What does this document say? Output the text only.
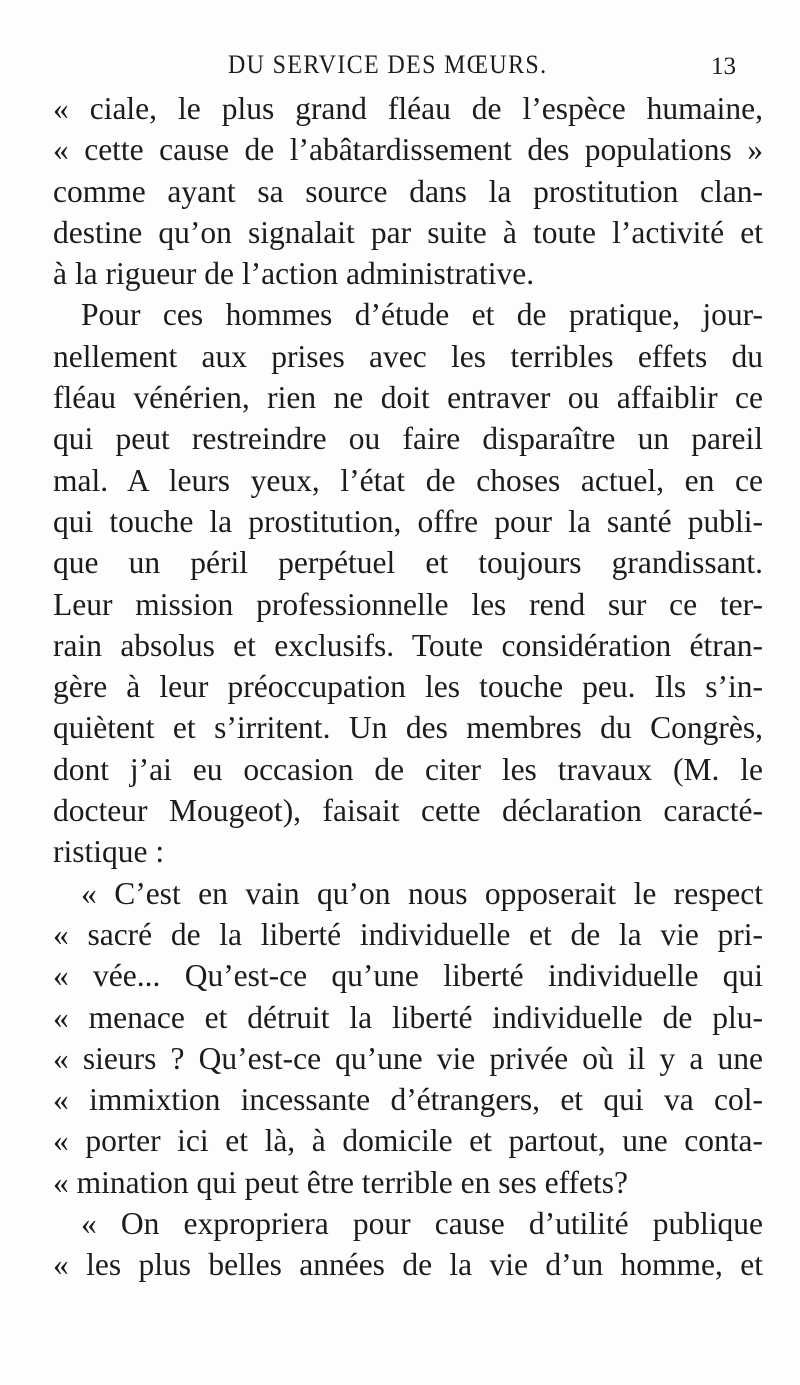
DU SERVICE DES MŒURS.	13
« ciale, le plus grand fléau de l’espèce humaine,
« cette cause de l’abâtardissement des populations »
comme ayant sa source dans la prostitution clan-
destine qu’on signalait par suite à toute l’activité et
à la rigueur de l’action administrative.
Pour ces hommes d’étude et de pratique, jour-
nellement aux prises avec les terribles effets du
fléau vénérien, rien ne doit entraver ou affaiblir ce
qui peut restreindre ou faire disparaître un pareil
mal. A leurs yeux, l’état de choses actuel, en ce
qui touche la prostitution, offre pour la santé publi-
que un péril perpétuel et toujours grandissant.
Leur mission professionnelle les rend sur ce ter-
rain absolus et exclusifs. Toute considération étran-
gère à leur préoccupation les touche peu. Ils s’in-
quiètent et s’irritent. Un des membres du Congrès,
dont j’ai eu occasion de citer les travaux (M. le
docteur Mougeot), faisait cette déclaration caracté-
ristique :
« C’est en vain qu’on nous opposerait le respect
« sacré de la liberté individuelle et de la vie pri-
« vée... Qu’est-ce qu’une liberté individuelle qui
« menace et détruit la liberté individuelle de plu-
« sieurs ? Qu’est-ce qu’une vie privée où il y a une
« immixtion incessante d’étrangers, et qui va col-
« porter ici et là, à domicile et partout, une conta-
« mination qui peut être terrible en ses effets?
« On expropriera pour cause d’utilité publique
« les plus belles années de la vie d’un homme, et
